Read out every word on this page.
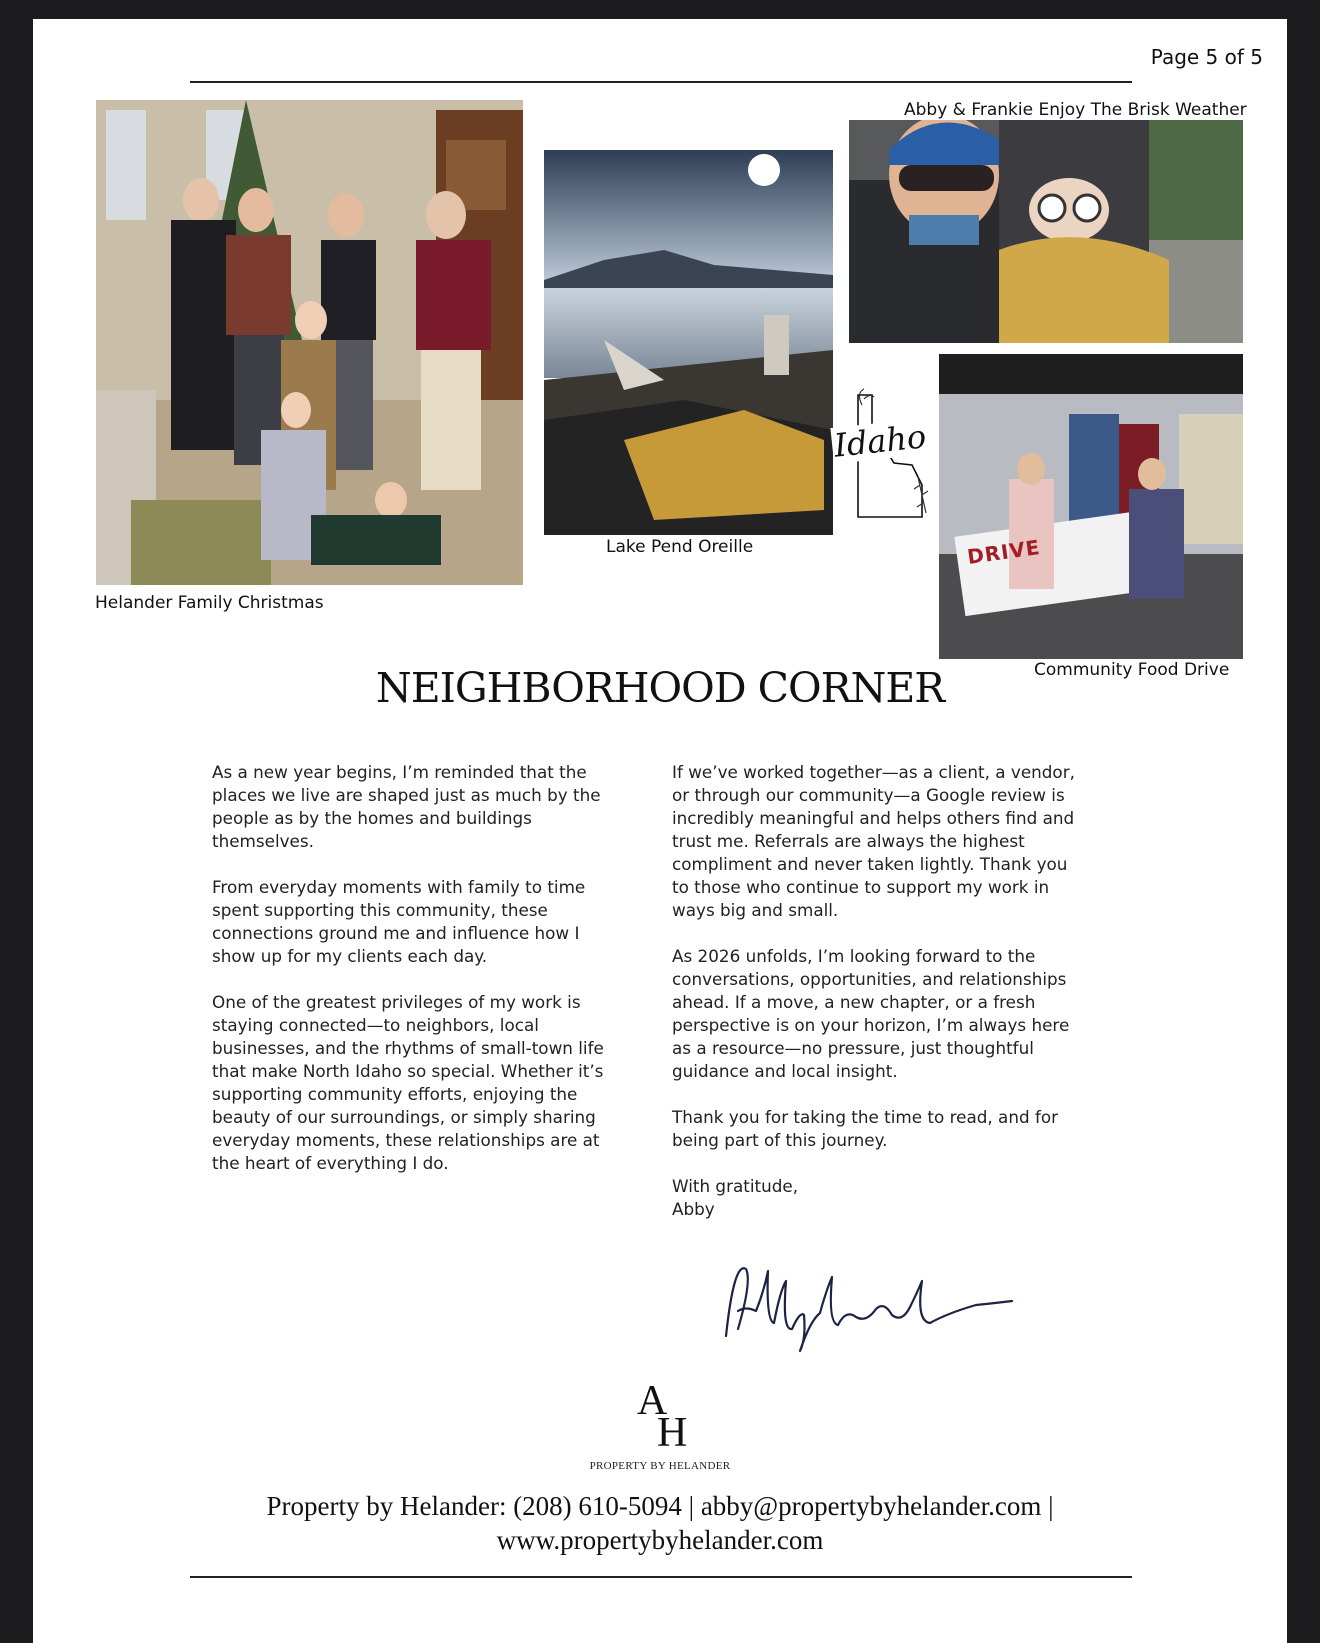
Page 5 of 5
Helander Family Christmas
Lake Pend Oreille
Abby & Frankie Enjoy The Brisk Weather
Idaho
DRIVE
Community Food Drive
NEIGHBORHOOD CORNER

As a new year begins, I’m reminded that the places we live are shaped just as much by the people as by the homes and buildings themselves.

From everyday moments with family to time spent supporting this community, these connections ground me and influence how I show up for my clients each day.

One of the greatest privileges of my work is staying connected—to neighbors, local businesses, and the rhythms of small-town life that make North Idaho so special. Whether it’s supporting community efforts, enjoying the beauty of our surroundings, or simply sharing everyday moments, these relationships are at the heart of everything I do.

If we’ve worked together—as a client, a vendor, or through our community—a Google review is incredibly meaningful and helps others find and trust me. Referrals are always the highest compliment and never taken lightly. Thank you to those who continue to support my work in ways big and small.

As 2026 unfolds, I’m looking forward to the conversations, opportunities, and relationships ahead. If a move, a new chapter, or a fresh perspective is on your horizon, I’m always here as a resource—no pressure, just thoughtful guidance and local insight.

Thank you for taking the time to read, and for being part of this journey.

With gratitude,
Abby

A
H
PROPERTY BY HELANDER
Property by Helander: (208) 610-5094 | abby@propertybyhelander.com |
www.propertybyhelander.com
